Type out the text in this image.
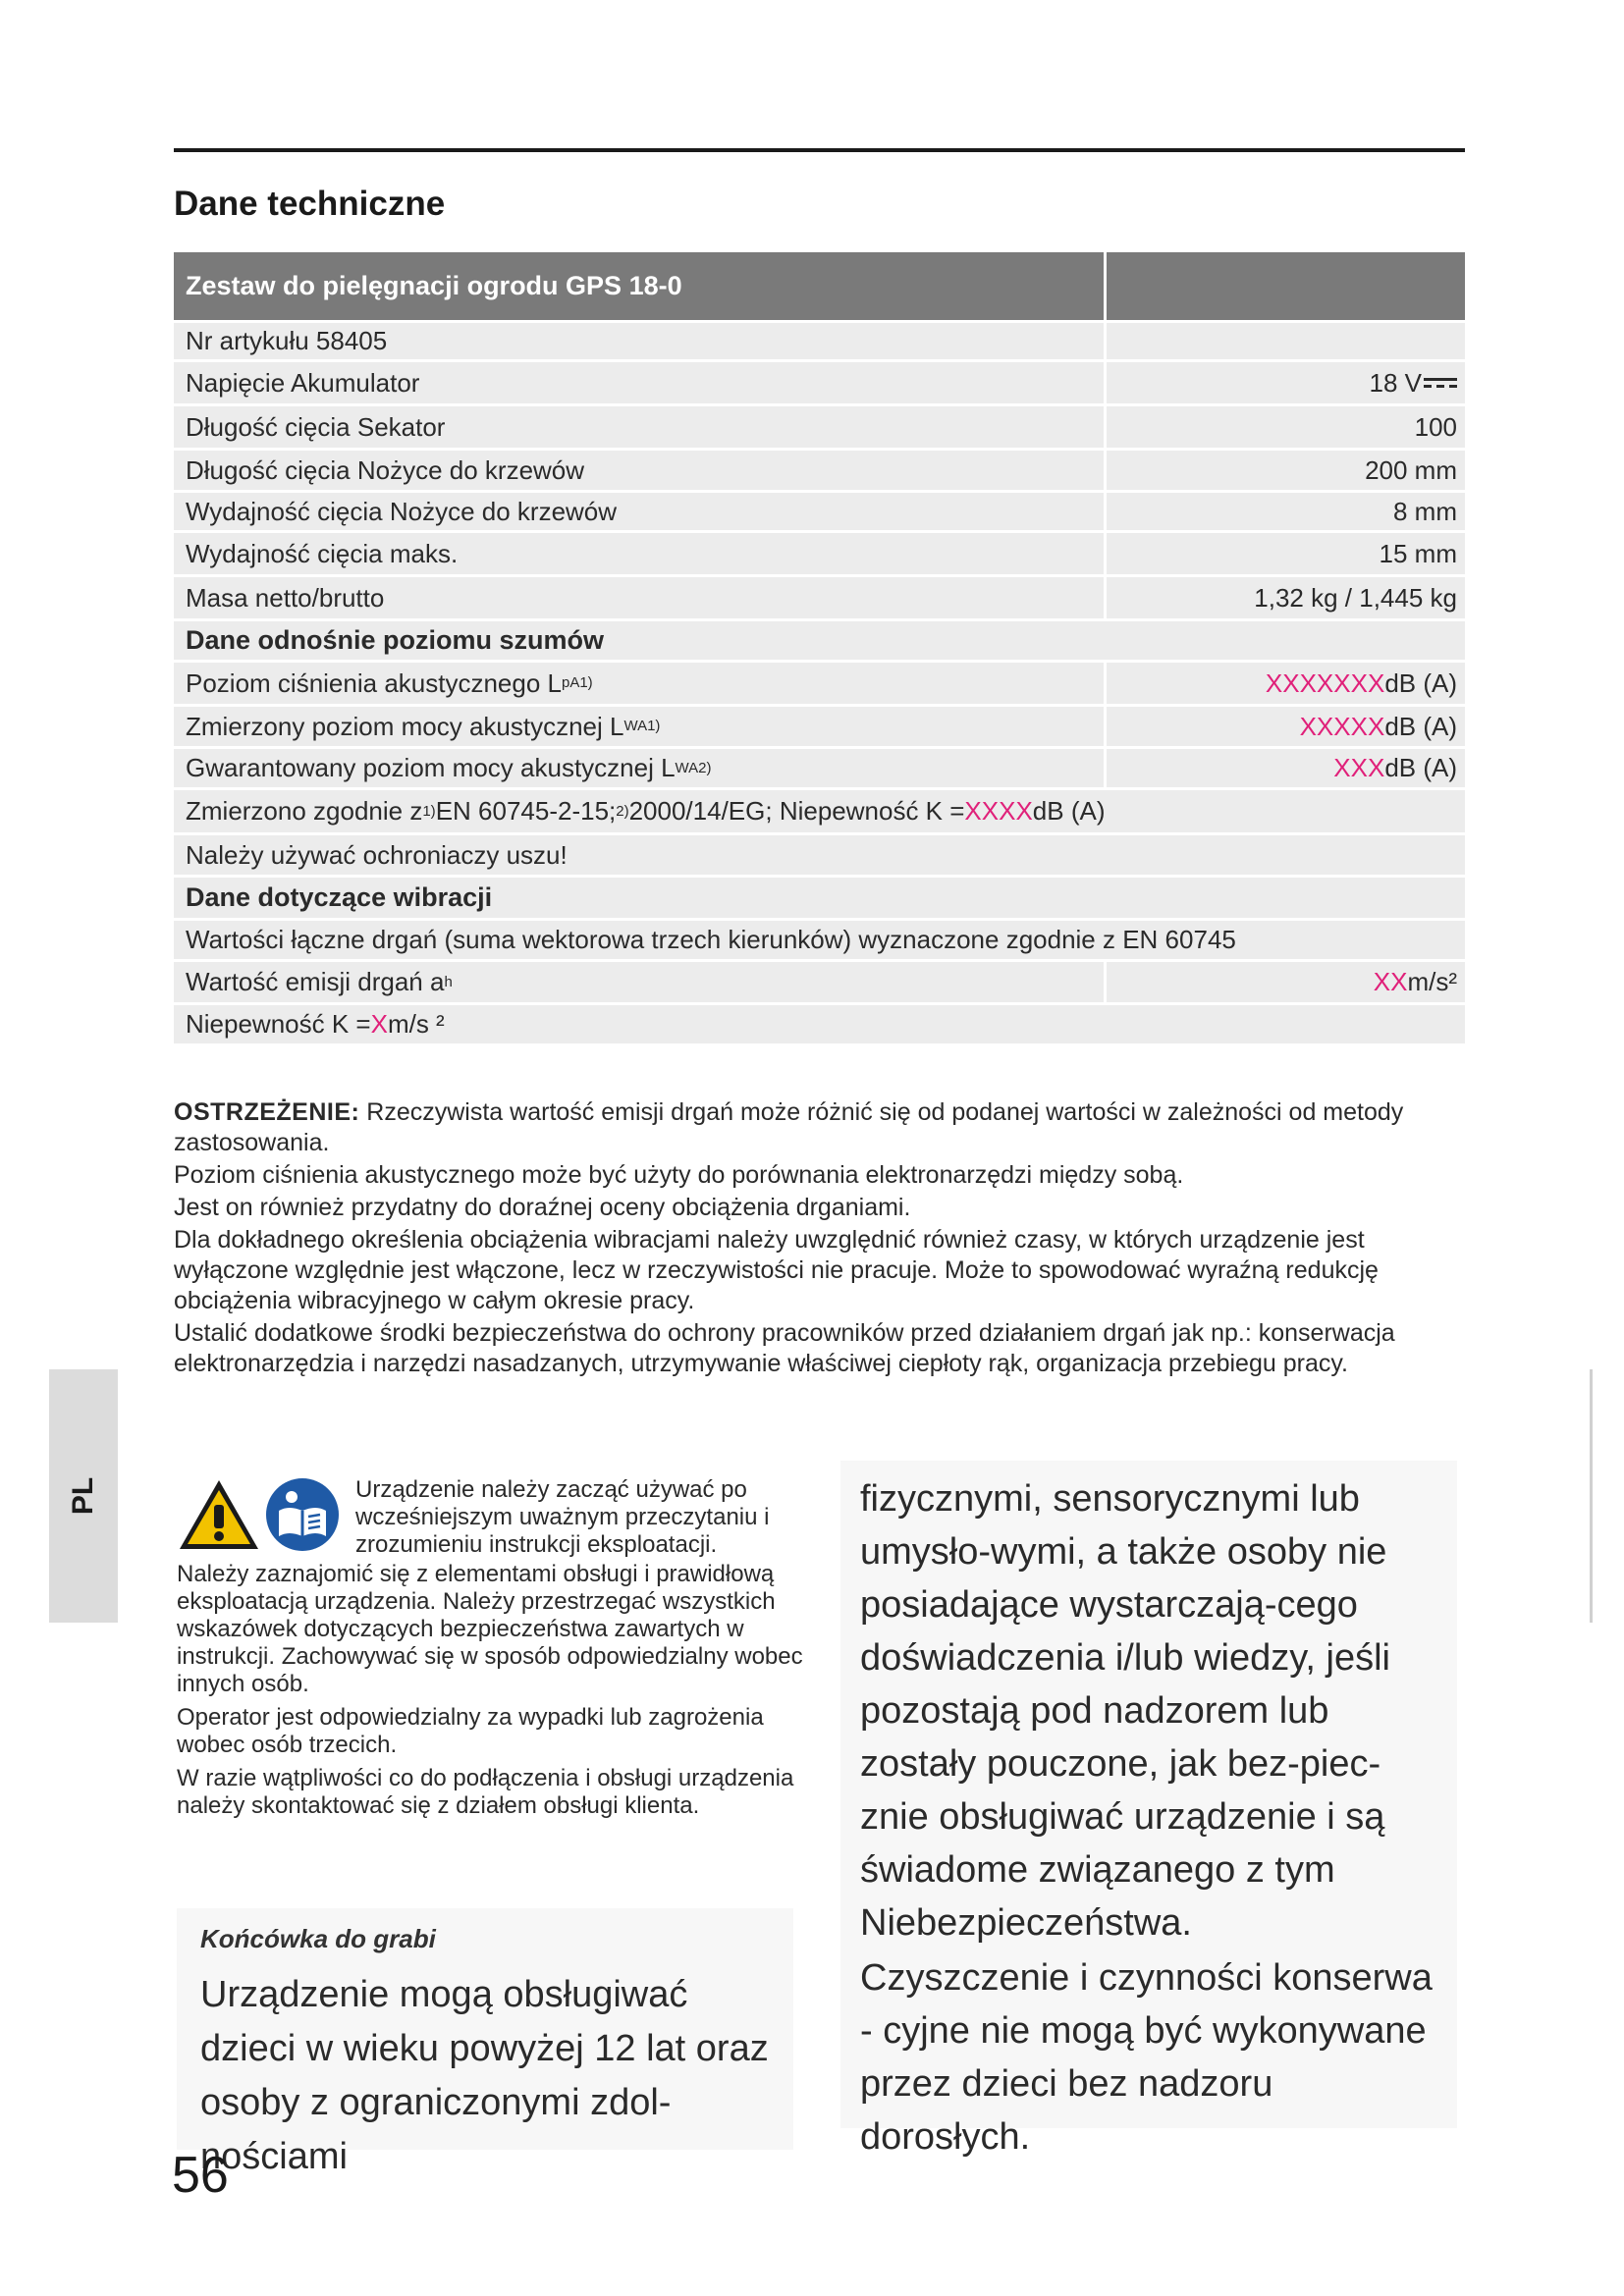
Dane techniczne
Zestaw do pielęgnacji ogrodu GPS 18-0
Nr artykułu 58405
Napięcie Akumulator	18 V
Długość cięcia Sekator	100
Długość cięcia Nożyce do krzewów	200 mm
Wydajność cięcia Nożyce do krzewów	8 mm
Wydajność cięcia maks.	15 mm
Masa netto/brutto	1,32 kg / 1,445 kg
Dane odnośnie poziomu szumów
Poziom ciśnienia akustycznego L pA 1)	XXXXXXX dB (A)
Zmierzony poziom mocy akustycznej L WA 1)	XXXXX dB (A)
Gwarantowany poziom mocy akustycznej L WA 2)	XXX dB (A)
Zmierzono zgodnie z 1) EN 60745-2-15; 2) 2000/14/EG; Niepewność K = XXXX dB (A)
Należy używać ochroniaczy uszu!
Dane dotyczące wibracji
Wartości łączne drgań (suma wektorowa trzech kierunków) wyznaczone zgodnie z EN 60745
Wartość emisji drgań a h	XX m/s²
Niepewność K = X m/s ²

OSTRZEŻENIE: Rzeczywista wartość emisji drgań może różnić się od podanej wartości w zależności od metody zastosowania.

Poziom ciśnienia akustycznego może być użyty do porównania elektronarzędzi między sobą.

Jest on również przydatny do doraźnej oceny obciążenia drganiami.

Dla dokładnego określenia obciążenia wibracjami należy uwzględnić również czasy, w których urządzenie jest wyłączone względnie jest włączone, lecz w rzeczywistości nie pracuje. Może to spowodować wyraźną redukcję obciążenia wibracyjnego w całym okresie pracy.

Ustalić dodatkowe środki bezpieczeństwa do ochrony pracowników przed działaniem drgań jak np.: konserwacja elektronarzędzia i narzędzi nasadzanych, utrzymywanie właściwej ciepłoty rąk, organizacja przebiegu pracy.

PL	Urządzenie należy zacząć używać po wcześniejszym uważnym przeczytaniu i zrozumieniu instrukcji eksploatacji.

Należy zaznajomić się z elementami obsługi i prawidłową eksploatacją urządzenia. Należy przestrzegać wszystkich wskazówek dotyczących bezpieczeństwa zawartych w instrukcji. Zachowywać się w sposób odpowiedzialny wobec innych osób.

Operator jest odpowiedzialny za wypadki lub zagrożenia wobec osób trzecich.

W razie wątpliwości co do podłączenia i obsługi urządzenia należy skontaktować się z działem obsługi klienta.

Końcówka do grabi

Urządzenie mogą obsługiwać dzieci w wieku powyżej 12 lat oraz osoby z ograniczonymi zdol-nościami

fizycznymi, sensorycznymi lub umysło-wymi, a także osoby nie posiadające wystarczają-cego doświadczenia i/lub wiedzy, jeśli pozostają pod nadzorem lub zostały pouczone, jak bez-piec-znie obsługiwać urządzenie i są świadome związanego z tym Niebezpieczeństwa.

Czyszczenie i czynności konserwa - cyjne nie mogą być wykonywane przez dzieci bez nadzoru dorosłych.

56
